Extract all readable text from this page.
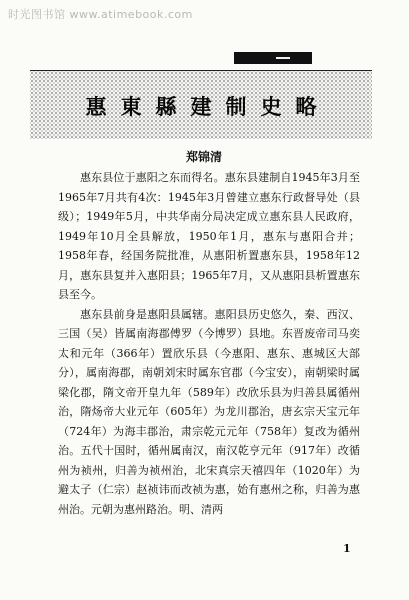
时光图书馆 www.atimebook.com
惠東縣建制史略
郑锦清

惠东县位于惠阳之东而得名。惠东县建制自1945年3月至1965年7月共有4次：1945年3月曾建立惠东行政督导处（县级）；1949年5月，中共华南分局决定成立惠东县人民政府，1949年10月全县解放，1950年1月，惠东与惠阳合并；1958年春，经国务院批准，从惠阳析置惠东县，1958年12月，惠东县复并入惠阳县；1965年7月，又从惠阳县析置惠东县至今。

惠东县前身是惠阳县属辖。惠阳县历史悠久，秦、西汉、三国（吴）皆属南海郡傅罗（今博罗）县地。东晋废帝司马奕太和元年（366年）置欣乐县（今惠阳、惠东、惠城区大部分），属南海郡，南朝刘宋时属东官郡（今宝安），南朝梁时属梁化郡，隋文帝开皇九年（589年）改欣乐县为归善县属循州治，隋炀帝大业元年（605年）为龙川郡治，唐玄宗天宝元年（724年）为海丰郡治，肃宗乾元元年（758年）复改为循州治。五代十国时，循州属南汉，南汉乾亨元年（917年）改循州为祯州，归善为祯州治，北宋真宗天禧四年（1020年）为避太子（仁宗）赵祯讳而改祯为惠，始有惠州之称，归善为惠州治。元朝为惠州路治。明、清两

1
